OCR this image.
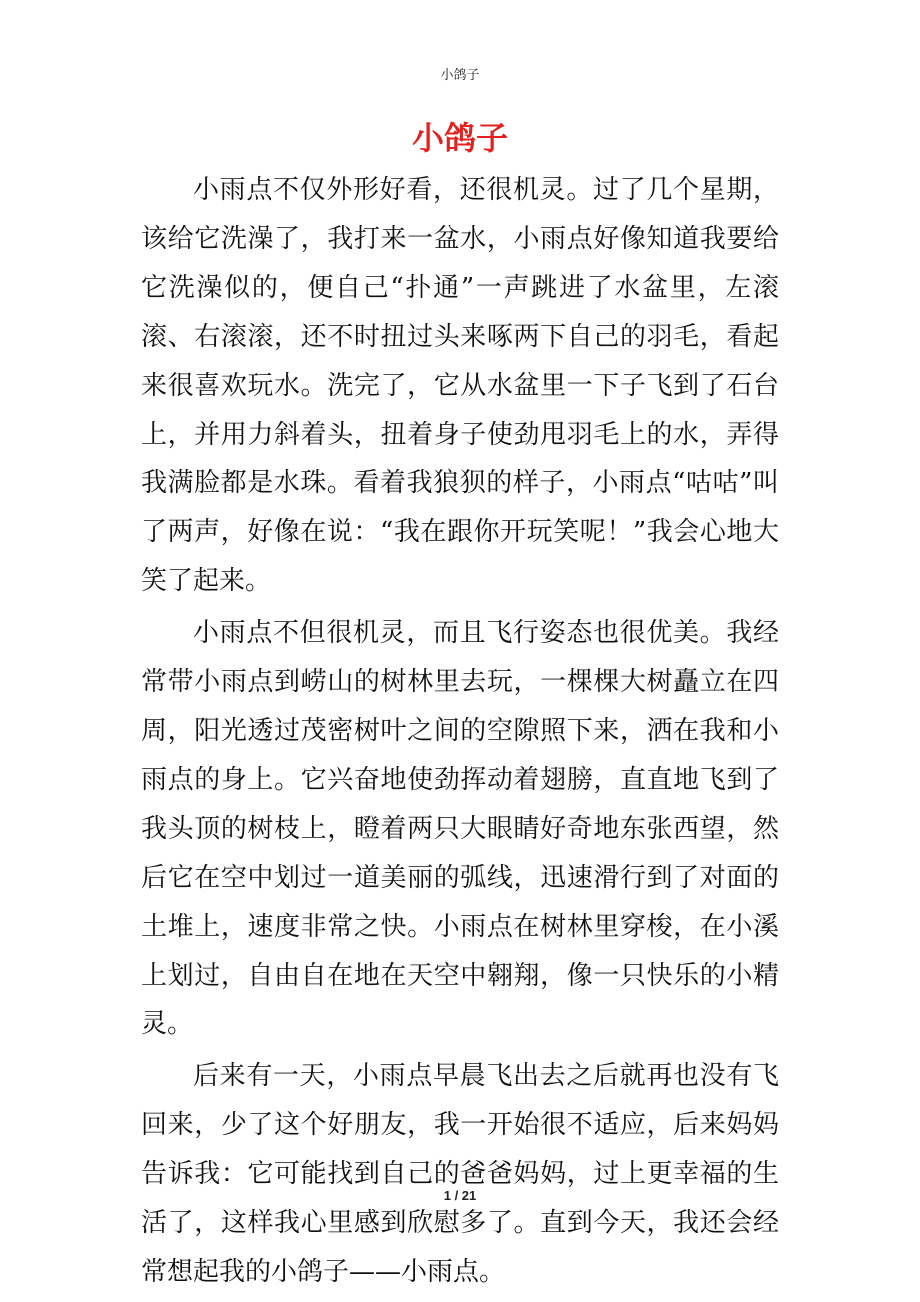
小鸽子
小鸽子

小雨点不仅外形好看，还很机灵。过了几个星期，该给它洗澡了，我打来一盆水，小雨点好像知道我要给它洗澡似的，便自己“扑通”一声跳进了水盆里，左滚滚、右滚滚，还不时扭过头来啄两下自己的羽毛，看起来很喜欢玩水。洗完了，它从水盆里一下子飞到了石台上，并用力斜着头，扭着身子使劲甩羽毛上的水，弄得我满脸都是水珠。看着我狼狈的样子，小雨点“咕咕”叫了两声，好像在说：“我在跟你开玩笑呢！”我会心地大笑了起来。

小雨点不但很机灵，而且飞行姿态也很优美。我经常带小雨点到崂山的树林里去玩，一棵棵大树矗立在四周，阳光透过茂密树叶之间的空隙照下来，洒在我和小雨点的身上。它兴奋地使劲挥动着翅膀，直直地飞到了我头顶的树枝上，瞪着两只大眼睛好奇地东张西望，然后它在空中划过一道美丽的弧线，迅速滑行到了对面的土堆上，速度非常之快。小雨点在树林里穿梭，在小溪上划过，自由自在地在天空中翱翔，像一只快乐的小精灵。

后来有一天，小雨点早晨飞出去之后就再也没有飞回来，少了这个好朋友，我一开始很不适应，后来妈妈告诉我：它可能找到自己的爸爸妈妈，过上更幸福的生活了，这样我心里感到欣慰多了。直到今天，我还会经常想起我的小鸽子——小雨点。

1 / 21
